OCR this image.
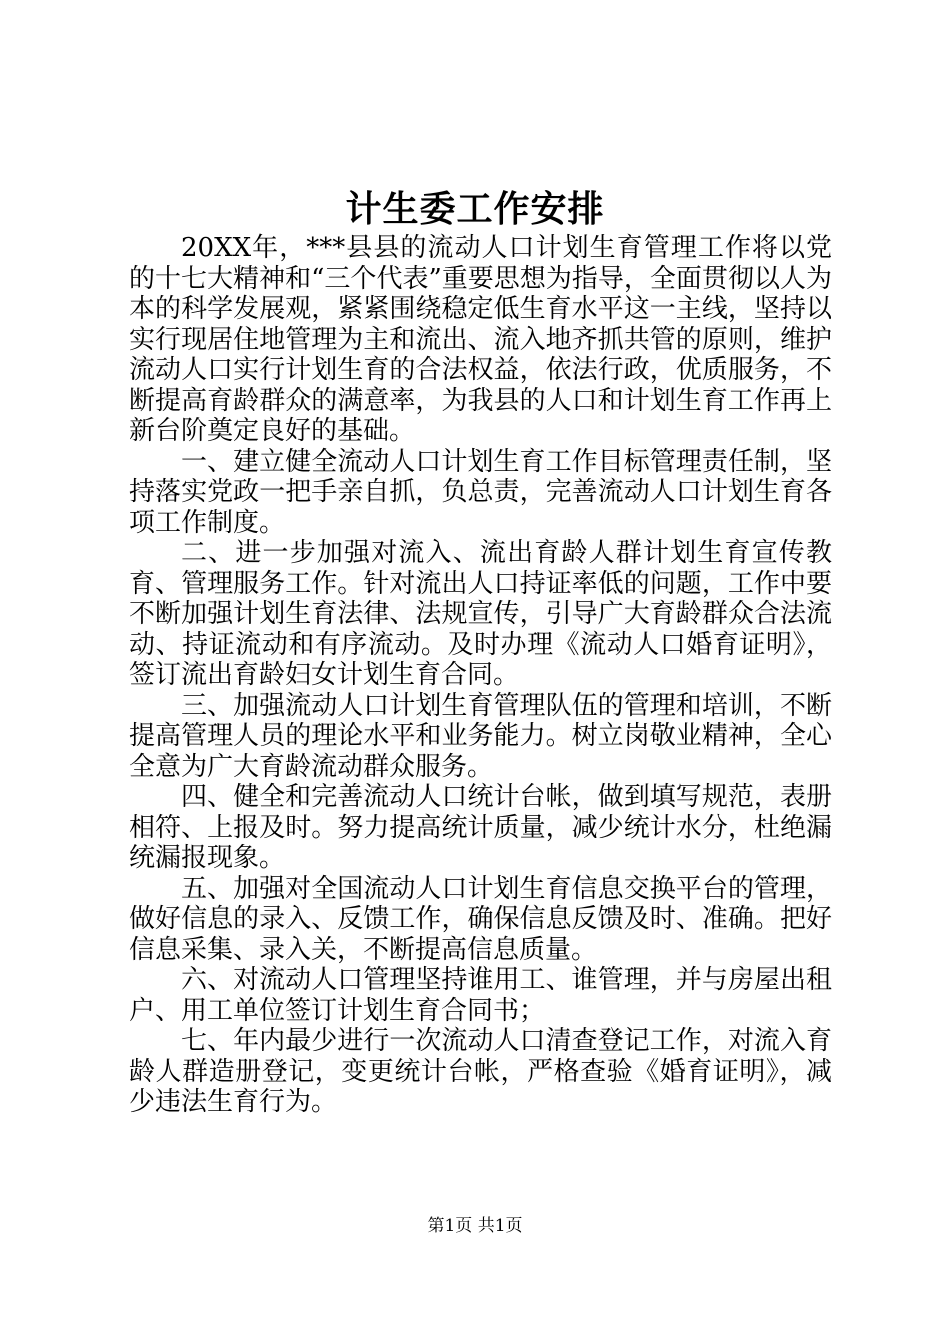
计生委工作安排

20XX年，***县县的流动人口计划生育管理工作将以党的十七大精神和“三个代表”重要思想为指导，全面贯彻以人为本的科学发展观，紧紧围绕稳定低生育水平这一主线，坚持以实行现居住地管理为主和流出、流入地齐抓共管的原则，维护流动人口实行计划生育的合法权益，依法行政，优质服务，不断提高育龄群众的满意率，为我县的人口和计划生育工作再上新台阶奠定良好的基础。

一、建立健全流动人口计划生育工作目标管理责任制，坚持落实党政一把手亲自抓，负总责，完善流动人口计划生育各项工作制度。

二、进一步加强对流入、流出育龄人群计划生育宣传教育、管理服务工作。针对流出人口持证率低的问题，工作中要不断加强计划生育法律、法规宣传，引导广大育龄群众合法流动、持证流动和有序流动。及时办理《流动人口婚育证明》，签订流出育龄妇女计划生育合同。

三、加强流动人口计划生育管理队伍的管理和培训，不断提高管理人员的理论水平和业务能力。树立岗敬业精神，全心全意为广大育龄流动群众服务。

四、健全和完善流动人口统计台帐，做到填写规范，表册相符、上报及时。努力提高统计质量，减少统计水分，杜绝漏统漏报现象。

五、加强对全国流动人口计划生育信息交换平台的管理，做好信息的录入、反馈工作，确保信息反馈及时、准确。把好信息采集、录入关，不断提高信息质量。

六、对流动人口管理坚持谁用工、谁管理，并与房屋出租户、用工单位签订计划生育合同书；

七、年内最少进行一次流动人口清查登记工作，对流入育龄人群造册登记，变更统计台帐，严格查验《婚育证明》，减少违法生育行为。

第1页 共1页
